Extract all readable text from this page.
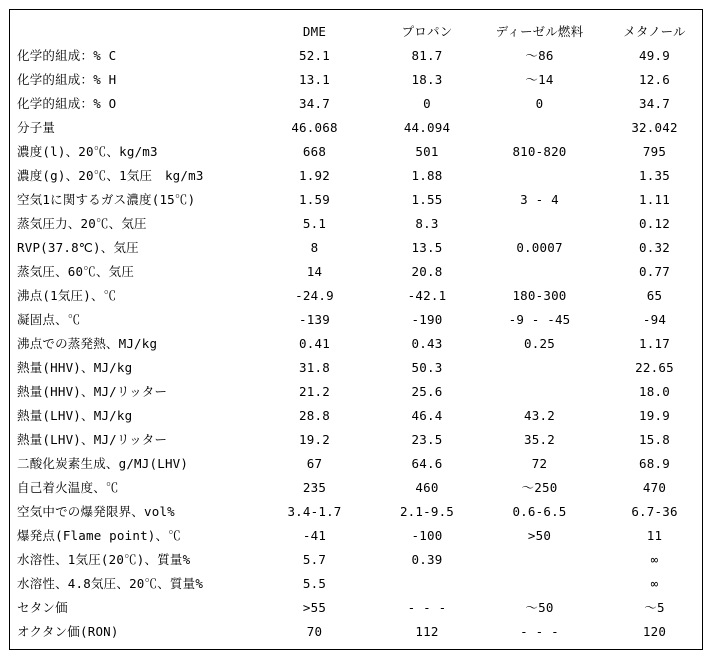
	DME	プロパン	ディーゼル燃料	メタノール
化学的組成：% C	52.1	81.7	～86	49.9
化学的組成：% H	13.1	18.3	～14	12.6
化学的組成：% O	34.7	0	0	34.7
分子量	46.068	44.094		32.042
濃度(l)、20℃、kg/m3	668	501	810-820	795
濃度(g)、20℃、1気圧　kg/m3	1.92	1.88		1.35
空気1に関するガス濃度(15℃)	1.59	1.55	3 - 4	1.11
蒸気圧力、20℃、気圧	5.1	8.3		0.12
RVP(37.8℃)、気圧	8	13.5	0.0007	0.32
蒸気圧、60℃、気圧	14	20.8		0.77
沸点(1気圧)、℃	-24.9	-42.1	180-300	65
凝固点、℃	-139	-190	-9 - -45	-94
沸点での蒸発熱、MJ/kg	0.41	0.43	0.25	1.17
熱量(HHV)、MJ/kg	31.8	50.3		22.65
熱量(HHV)、MJ/リッター	21.2	25.6		18.0
熱量(LHV)、MJ/kg	28.8	46.4	43.2	19.9
熱量(LHV)、MJ/リッター	19.2	23.5	35.2	15.8
二酸化炭素生成、g/MJ(LHV)	67	64.6	72	68.9
自己着火温度、℃	235	460	～250	470
空気中での爆発限界、vol%	3.4-1.7	2.1-9.5	0.6-6.5	6.7-36
爆発点(Flame point)、℃	-41	-100	>50	11
水溶性、1気圧(20℃)、質量%	5.7	0.39		∞
水溶性、4.8気圧、20℃、質量%	5.5			∞
セタン価	>55	- - -	～50	～5
オクタン価(RON)	70	112	- - -	120
